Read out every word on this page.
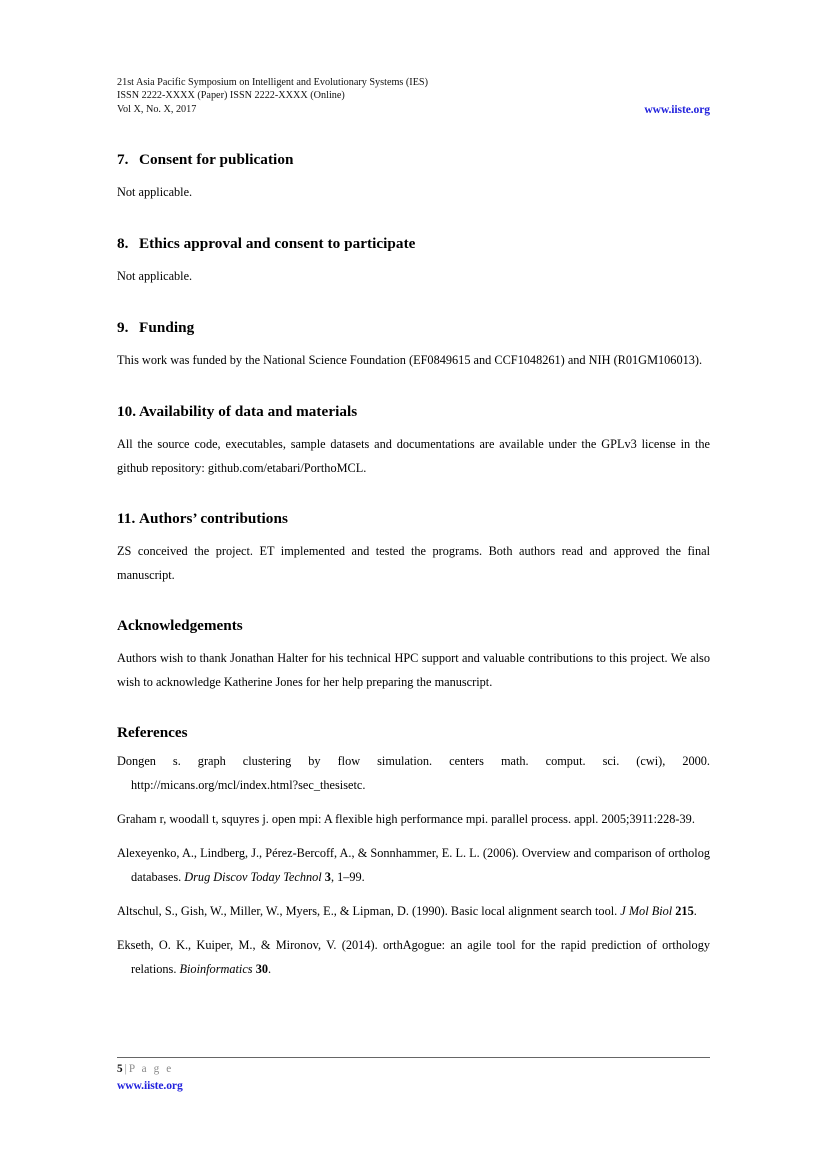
21st Asia Pacific Symposium on Intelligent and Evolutionary Systems (IES)
ISSN 2222-XXXX (Paper) ISSN 2222-XXXX (Online)
Vol X, No. X, 2017	www.iiste.org
7. Consent for publication

Not applicable.

8. Ethics approval and consent to participate

Not applicable.

9. Funding

This work was funded by the National Science Foundation (EF0849615 and CCF1048261) and NIH (R01GM106013).

10. Availability of data and materials

All the source code, executables, sample datasets and documentations are available under the GPLv3 license in the github repository: github.com/etabari/PorthoMCL.

11. Authors’ contributions

ZS conceived the project. ET implemented and tested the programs. Both authors read and approved the final manuscript.

Acknowledgements

Authors wish to thank Jonathan Halter for his technical HPC support and valuable contributions to this project. We also wish to acknowledge Katherine Jones for her help preparing the manuscript.

References
Dongen s. graph clustering by flow simulation. centers math. comput. sci. (cwi), 2000. http://micans.org/mcl/index.html?sec_thesisetc.
Graham r, woodall t, squyres j. open mpi: A flexible high performance mpi. parallel process. appl. 2005;3911:228-39.
Alexeyenko, A., Lindberg, J., Pérez-Bercoff, A., & Sonnhammer, E. L. L. (2006). Overview and comparison of ortholog databases. Drug Discov Today Technol 3, 1–99.
Altschul, S., Gish, W., Miller, W., Myers, E., & Lipman, D. (1990). Basic local alignment search tool. J Mol Biol 215.
Ekseth, O. K., Kuiper, M., & Mironov, V. (2014). orthAgogue: an agile tool for the rapid prediction of orthology relations. Bioinformatics 30.
5 | P a g e
www.iiste.org
